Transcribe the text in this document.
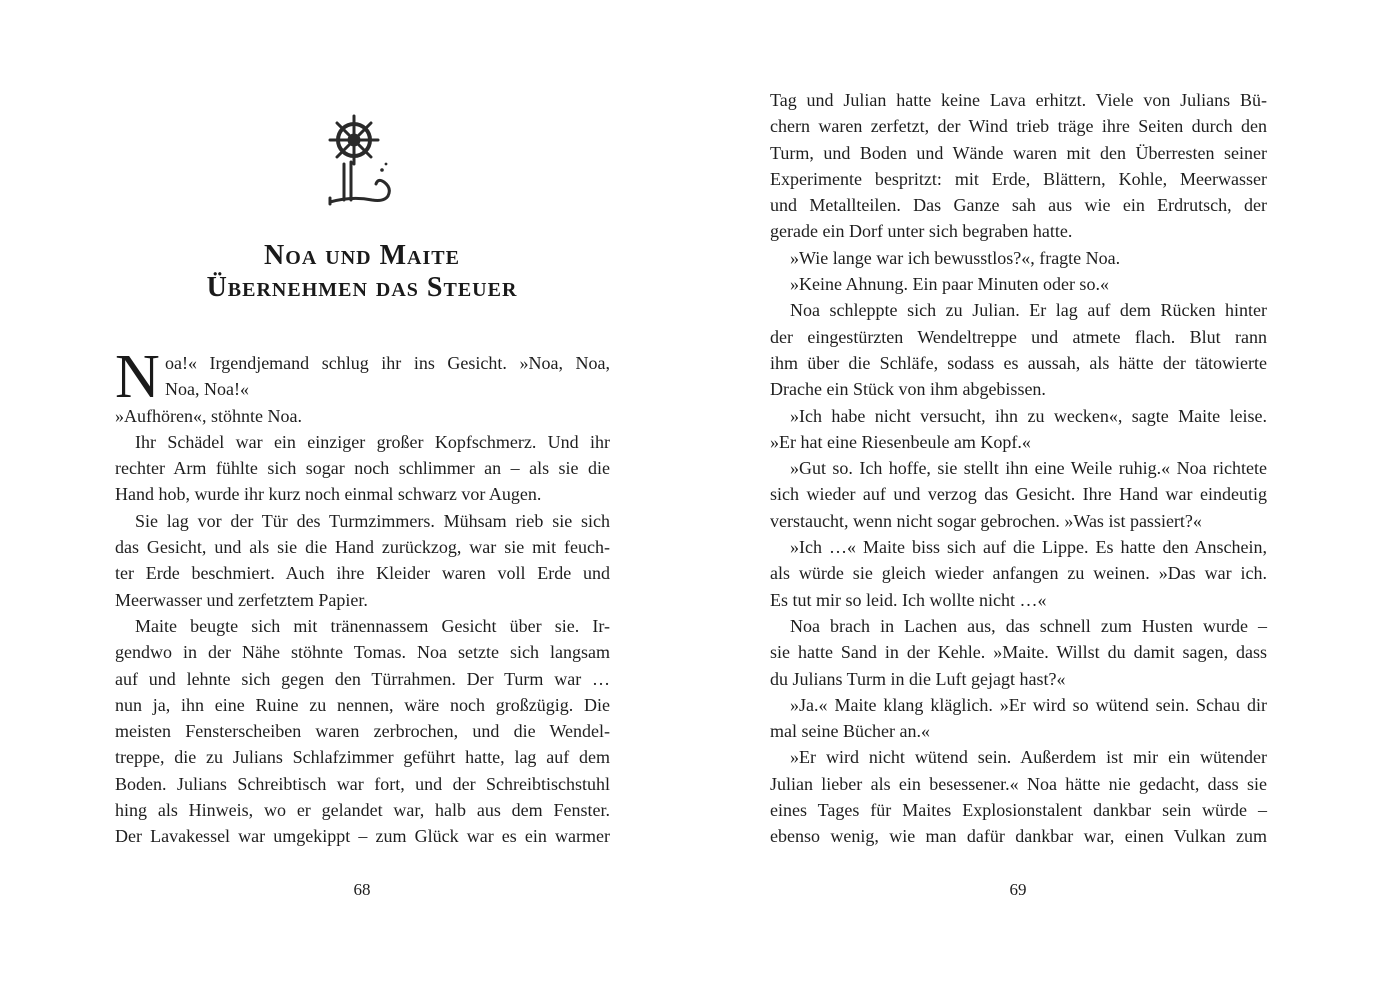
Noa und Maite
Übernehmen das Steuer
N oa!« Irgendjemand schlug ihr ins Gesicht. »Noa, Noa,
Noa, Noa!«
»Aufhören«, stöhnte Noa.
Ihr Schädel war ein einziger großer Kopfschmerz. Und ihr
rechter Arm fühlte sich sogar noch schlimmer an – als sie die
Hand hob, wurde ihr kurz noch einmal schwarz vor Augen.
Sie lag vor der Tür des Turmzimmers. Mühsam rieb sie sich
das Gesicht, und als sie die Hand zurückzog, war sie mit feuch-
ter Erde beschmiert. Auch ihre Kleider waren voll Erde und
Meerwasser und zerfetztem Papier.
Maite beugte sich mit tränennassem Gesicht über sie. Ir-
gendwo in der Nähe stöhnte Tomas. Noa setzte sich langsam
auf und lehnte sich gegen den Türrahmen. Der Turm war …
nun ja, ihn eine Ruine zu nennen, wäre noch großzügig. Die
meisten Fensterscheiben waren zerbrochen, und die Wendel-
treppe, die zu Julians Schlafzimmer geführt hatte, lag auf dem
Boden. Julians Schreibtisch war fort, und der Schreibtischstuhl
hing als Hinweis, wo er gelandet war, halb aus dem Fenster.
Der Lavakessel war umgekippt – zum Glück war es ein warmer
68
Tag und Julian hatte keine Lava erhitzt. Viele von Julians Bü-
chern waren zerfetzt, der Wind trieb träge ihre Seiten durch den
Turm, und Boden und Wände waren mit den Überresten seiner
Experimente bespritzt: mit Erde, Blättern, Kohle, Meerwasser
und Metallteilen. Das Ganze sah aus wie ein Erdrutsch, der
gerade ein Dorf unter sich begraben hatte.
»Wie lange war ich bewusstlos?«, fragte Noa.
»Keine Ahnung. Ein paar Minuten oder so.«
Noa schleppte sich zu Julian. Er lag auf dem Rücken hinter
der eingestürzten Wendeltreppe und atmete flach. Blut rann
ihm über die Schläfe, sodass es aussah, als hätte der tätowierte
Drache ein Stück von ihm abgebissen.
»Ich habe nicht versucht, ihn zu wecken«, sagte Maite leise.
»Er hat eine Riesenbeule am Kopf.«
»Gut so. Ich hoffe, sie stellt ihn eine Weile ruhig.« Noa richtete
sich wieder auf und verzog das Gesicht. Ihre Hand war eindeutig
verstaucht, wenn nicht sogar gebrochen. »Was ist passiert?«
»Ich …« Maite biss sich auf die Lippe. Es hatte den Anschein,
als würde sie gleich wieder anfangen zu weinen. »Das war ich.
Es tut mir so leid. Ich wollte nicht …«
Noa brach in Lachen aus, das schnell zum Husten wurde –
sie hatte Sand in der Kehle. »Maite. Willst du damit sagen, dass
du Julians Turm in die Luft gejagt hast?«
»Ja.« Maite klang kläglich. »Er wird so wütend sein. Schau dir
mal seine Bücher an.«
»Er wird nicht wütend sein. Außerdem ist mir ein wütender
Julian lieber als ein besessener.« Noa hätte nie gedacht, dass sie
eines Tages für Maites Explosionstalent dankbar sein würde –
ebenso wenig, wie man dafür dankbar war, einen Vulkan zum
69
